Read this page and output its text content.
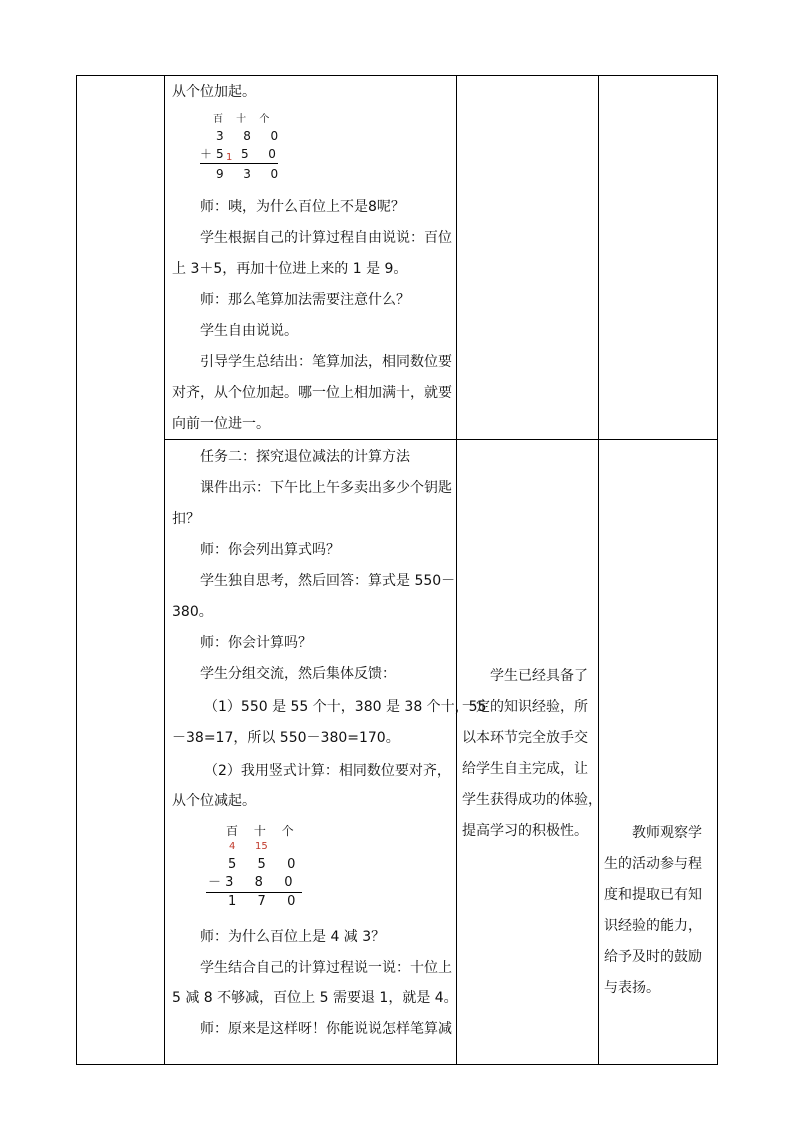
从个位加起。
百 　十 　个
3　  8　  0
＋ 5 1 5　  0
9　  3　  0
师：咦，为什么百位上不是8呢？
学生根据自己的计算过程自由说说：百位
上 3＋5，再加十位进上来的 1 是 9。
师：那么笔算加法需要注意什么？
学生自由说说。
引导学生总结出：笔算加法，相同数位要
对齐，从个位加起。哪一位上相加满十，就要
向前一位进一。
任务二：探究退位减法的计算方法
课件出示：下午比上午多卖出多少个钥匙
扣？
师：你会列出算式吗？
学生独自思考，然后回答：算式是 550－
380。
师：你会计算吗？
学生分组交流，然后集体反馈：
（1）550 是 55 个十，380 是 38 个十，55
－38=17，所以 550－380=170。
（2）我用竖式计算：相同数位要对齐，
从个位减起。
百　 十　 个
4 15
5　  5　  0
－ 3　  8　  0
1　  7　  0
师：为什么百位上是 4 减 3？
学生结合自己的计算过程说一说：十位上
5 减 8 不够减，百位上 5 需要退 1，就是 4。
师：原来是这样呀！你能说说怎样笔算减
学生已经具备了
一定的知识经验，所
以本环节完全放手交
给学生自主完成，让
学生获得成功的体验，
提高学习的积极性。	教师观察学
生的活动参与程
度和提取已有知
识经验的能力，
给予及时的鼓励
与表扬。
